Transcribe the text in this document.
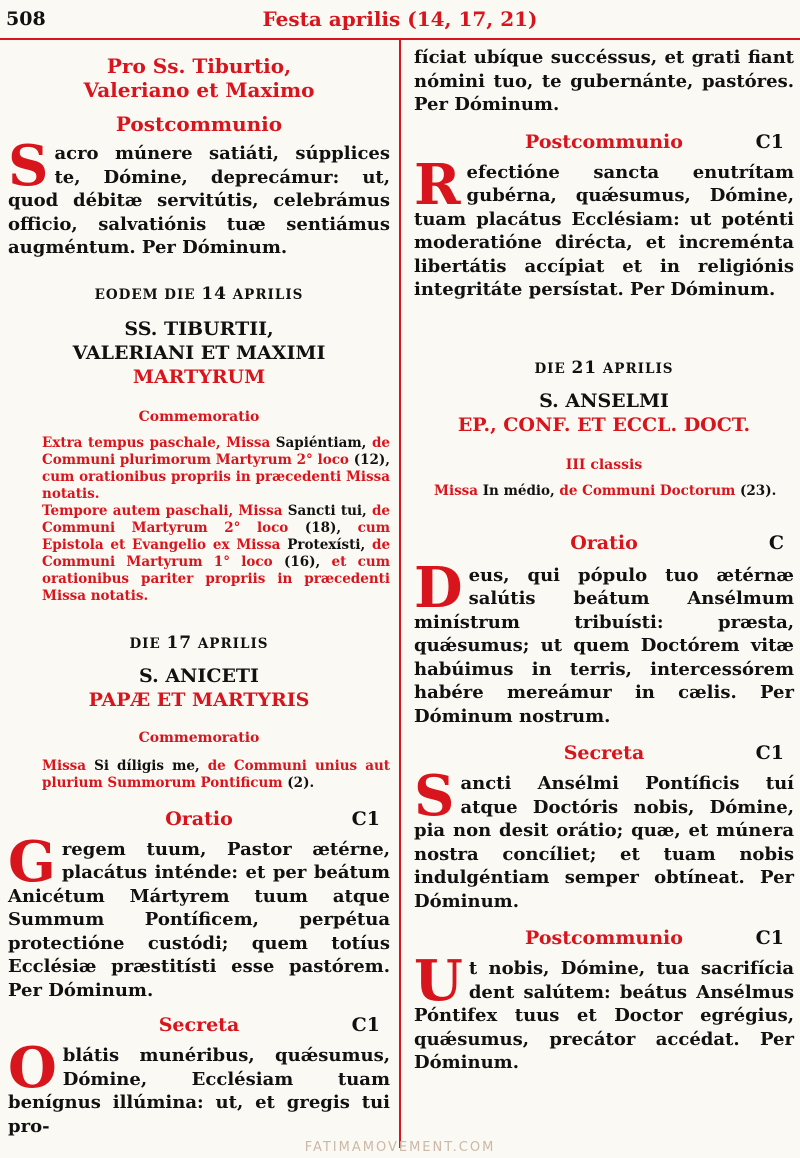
508	Festa aprilis (14, 17, 21)
Pro Ss. Tiburtio,
Valeriano et Maximo
Postcommunio
Sacro múnere satiáti, súpplices te, Dómine, deprecámur: ut, quod débitæ servitútis, celebrámus officio, salvatiónis tuæ sentiámus augméntum. Per Dóminum.
EODEM DIE 14 APRILIS
SS. TIBURTII,
VALERIANI ET MAXIMI
MARTYRUM
Commemoratio
Extra tempus paschale, Missa Sapiéntiam, de Communi plurimorum Martyrum 2° loco (12), cum orationibus propriis in præcedenti Missa notatis.
Tempore autem paschali, Missa Sancti tui, de Communi Martyrum 2° loco (18), cum Epistola et Evangelio ex Missa Protexísti, de Communi Martyrum 1° loco (16), et cum orationibus pariter propriis in præcedenti Missa notatis.
DIE 17 APRILIS
S. ANICETI
PAPÆ ET MARTYRIS
Commemoratio
Missa Si díligis me, de Communi unius aut plurium Summorum Pontificum (2).
Oratio	C1
Gregem tuum, Pastor ætérne, placátus inténde: et per beátum Anicétum Mártyrem tuum atque Summum Pontíficem, perpétua protectióne custódi; quem totíus Ecclésiæ præstitísti esse pastórem. Per Dóminum.
Secreta	C1
Oblátis munéribus, quǽsumus, Dómine, Ecclésiam tuam benígnus illúmina: ut, et gregis tui pro-
fíciat ubíque succéssus, et grati fiant nómini tuo, te gubernánte, pastóres. Per Dóminum.
Postcommunio	C1
Refectióne sancta enutrítam gubérna, quǽsumus, Dómine, tuam placátus Ecclésiam: ut poténti moderatióne dirécta, et increménta libertátis accípiat et in religiónis integritáte persístat. Per Dóminum.
DIE 21 APRILIS
S. ANSELMI
EP., CONF. ET ECCL. DOCT.
III classis
Missa In médio, de Communi Doctorum (23).
Oratio	C
Deus, qui pópulo tuo ætérnæ salútis beátum Ansélmum minístrum tribuísti: præsta, quǽsumus; ut quem Doctórem vitæ habúimus in terris, intercessórem habére mereámur in cælis. Per Dóminum nostrum.
Secreta	C1
Sancti Ansélmi Pontíficis tuí atque Doctóris nobis, Dómine, pia non desit orátio; quæ, et múnera nostra concíliet; et tuam nobis indulgéntiam semper obtíneat. Per Dóminum.
Postcommunio	C1
Ut nobis, Dómine, tua sacrifícia dent salútem: beátus Ansélmus Póntifex tuus et Doctor egrégius, quǽsumus, precátor accédat. Per Dóminum.
FATIMAMOVEMENT.COM
